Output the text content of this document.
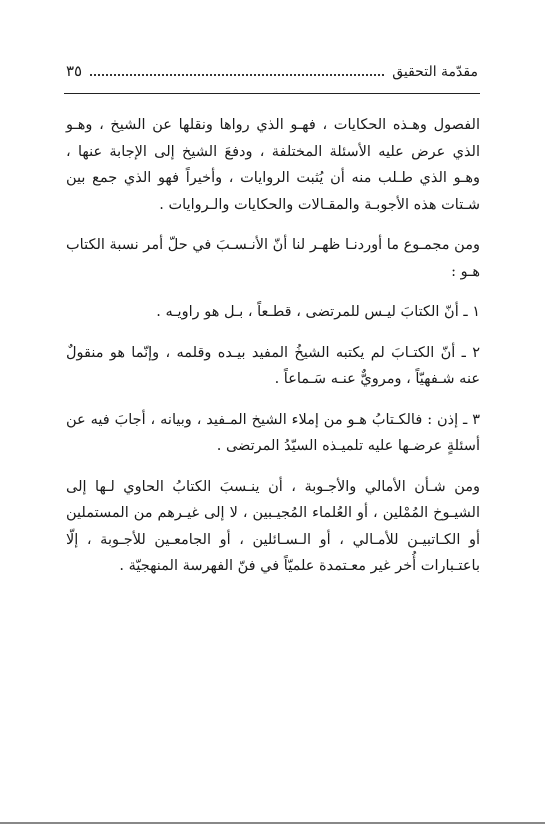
مقدّمة التحقيق
٣٥

الفصول وهـذه الحكايات ، فهـو الذي رواها ونقلها عن الشيخ ، وهـو الذي عرض عليه الأسئلة المختلفة ، ودفعَ الشيخ إلى الإجابة عنها ، وهـو الذي طـلب منه أن يُثبت الروايات ، وأخيراً فهو الذي جمع بين شـتات هذه الأجوبـة والمقـالات والحكايات والـروايات .

ومن مجمـوع ما أوردنـا ظهـر لنا أنّ الأنـسـبَ في حلّ أمر نسبة الكتاب هـو :

١ ـ أنّ الكتابَ ليـس للمرتضى ، قطـعاً ، بـل هو راويـه .

٢ ـ أنّ الكتـابَ لم يكتبه الشيخُ المفيد بيـده وقلمه ، وإنّما هو منقولٌ عنه شـفهيّاً ، ومرويٌّ عنـه سَـماعاً .

٣ ـ إذن : فالكـتابُ هـو من إملاء الشيخ المـفيد ، وبيانه ، أجابَ فيه عن أسئلةٍ عرضـها عليه تلميـذه السيّدُ المرتضى .

ومن شـأن الأمالي والأجـوبة ، أن ينـسبَ الكتابُ الحاوي لـها إلى الشيـوخ المُمْلين ، أو العُلماء المُجيـبين ، لا إلى غيـرهم من المستملين أو الكـاتبيـن للأمـالي ، أو الـسـائلين ، أو الجامعـين للأجـوبة ، إلّا باعتـبارات أُخر غير معـتمدة علميّاً في فنّ الفهرسة المنهجيّة .
